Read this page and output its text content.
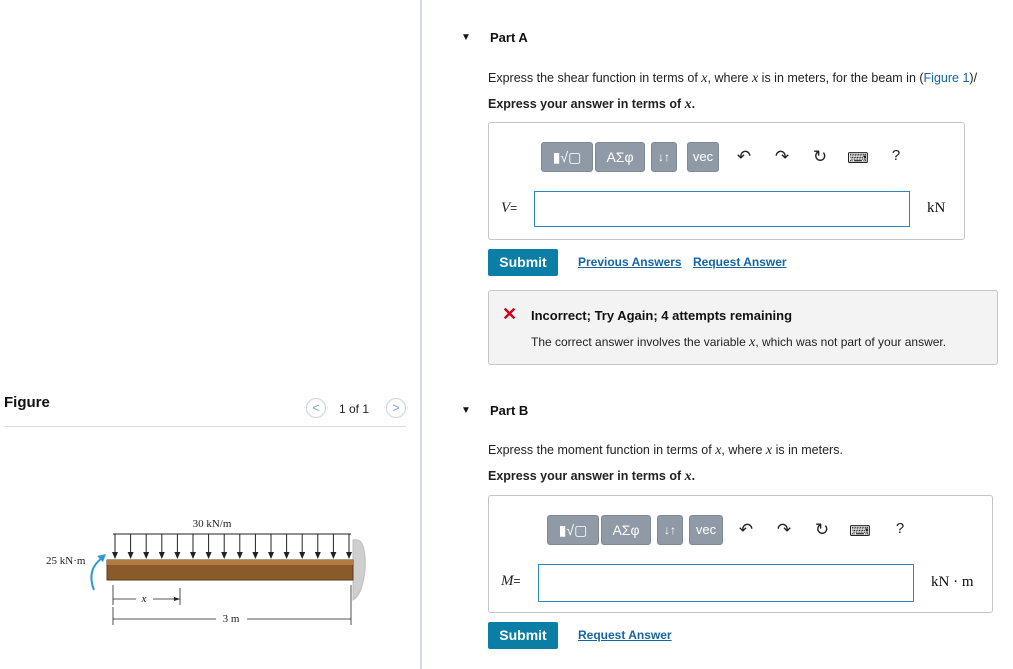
Figure	<	1 of 1	>
30 kN/m
25 kN·m
x
3 m
▼ Part A
Express the shear function in terms of x, where x is in meters, for the beam in (Figure 1)/
Express your answer in terms of x.
▮√▢	ΑΣφ	↓↑	vec	↶ ↷ ↻ ⌨	?
V=	kN
Submit	Previous Answers Request Answer
✕ Incorrect; Try Again; 4 attempts remaining
The correct answer involves the variable x, which was not part of your answer.
▼ Part B
Express the moment function in terms of x, where x is in meters.
Express your answer in terms of x.
▮√▢	ΑΣφ	↓↑	vec	↶ ↷ ↻ ⌨	?
M=	kN · m
Submit	Request Answer
